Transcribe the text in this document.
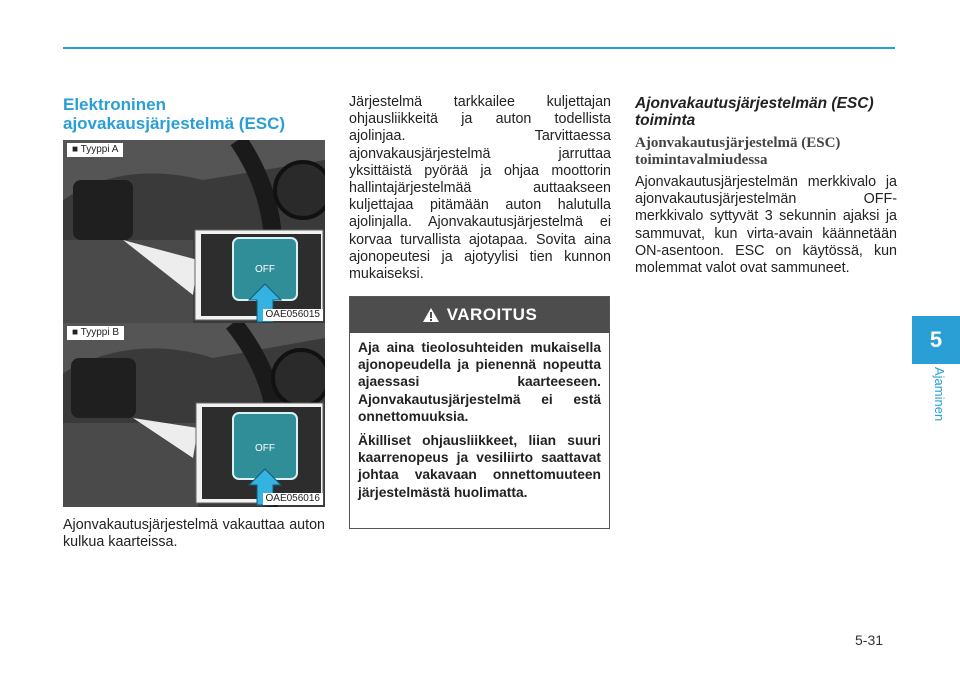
Elektroninen
ajovakausjärjestelmä (ESC)
OFF
■ Tyyppi A
OAE056015
OFF
■ Tyyppi B
OAE056016

Ajonvakautusjärjestelmä vakauttaa auton kulkua kaarteissa.

Järjestelmä tarkkailee kuljettajan ohjausliikkeitä ja auton todellista ajolinjaa. Tarvittaessa ajonvakausjärjestelmä jarruttaa yksittäistä pyörää ja ohjaa moottorin hallintajärjestelmää auttaakseen kuljettajaa pitämään auton halutulla ajolinjalla. Ajonvakautusjärjestelmä ei korvaa turvallista ajotapaa. Sovita aina ajonopeutesi ja ajotyylisi tien kunnon mukaiseksi.

VAROITUS

Aja aina tieolosuhteiden mukaisella ajonopeudella ja pienennä nopeutta ajaessasi kaarteeseen. Ajonvakautusjärjestelmä ei estä onnettomuuksia.

Äkilliset ohjausliikkeet, liian suuri kaarrenopeus ja vesiliirto saattavat johtaa vakavaan onnettomuuteen järjestelmästä huolimatta.

Ajonvakautusjärjestelmän (ESC)
toiminta
Ajonvakautusjärjestelmä (ESC)
toimintavalmiudessa

Ajonvakautusjärjestelmän merkkivalo ja ajonvakautusjärjestelmän OFF-merkkivalo syttyvät 3 sekunnin ajaksi ja sammuvat, kun virta-avain käännetään ON-asentoon. ESC on käytössä, kun molemmat valot ovat sammuneet.

5
Ajaminen
5-31
